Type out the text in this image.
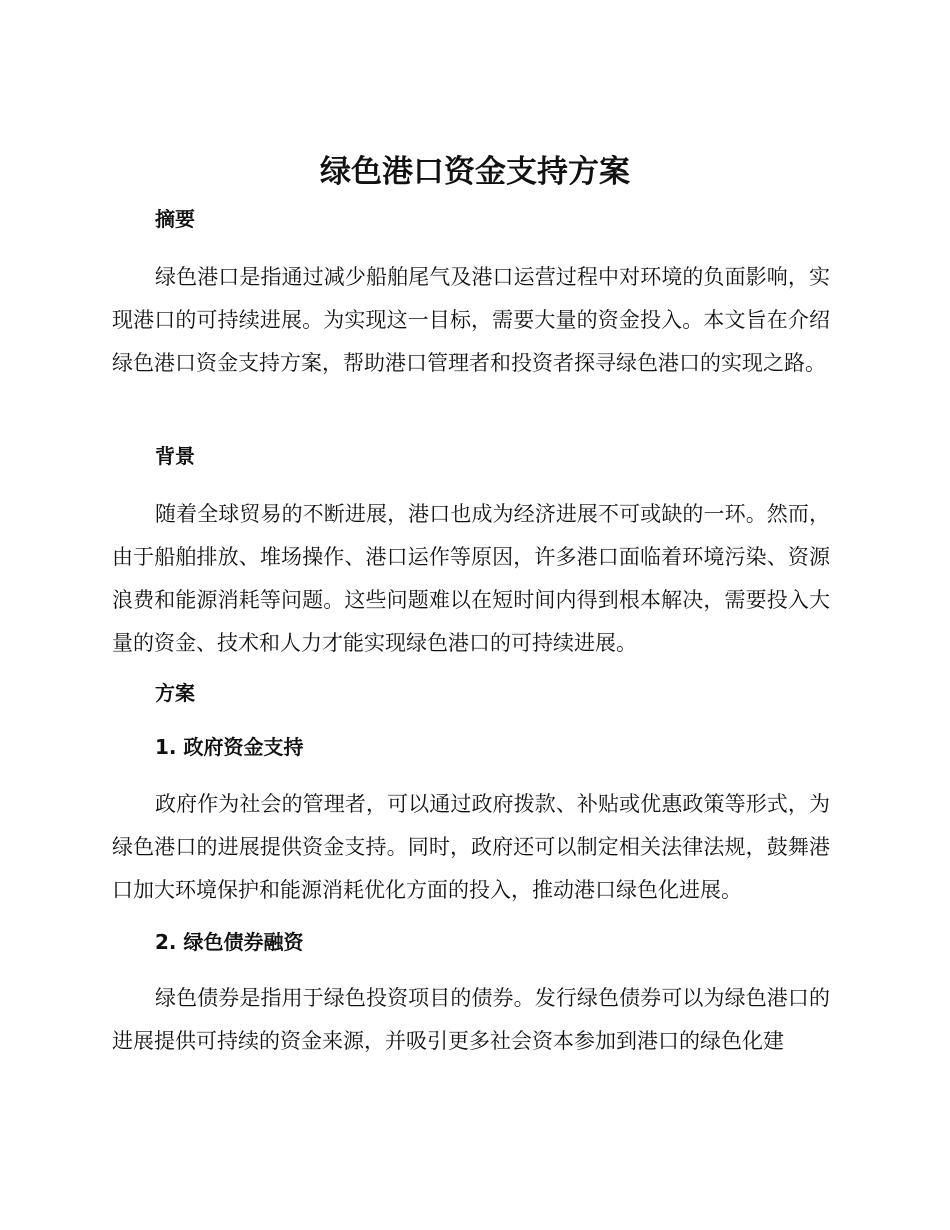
绿色港口资金支持方案
摘要
绿色港口是指通过减少船舶尾气及港口运营过程中对环境的负面影响，实现港口的可持续进展。为实现这一目标，需要大量的资金投入。本文旨在介绍绿色港口资金支持方案，帮助港口管理者和投资者探寻绿色港口的实现之路。
背景
随着全球贸易的不断进展，港口也成为经济进展不可或缺的一环。然而，由于船舶排放、堆场操作、港口运作等原因，许多港口面临着环境污染、资源浪费和能源消耗等问题。这些问题难以在短时间内得到根本解决，需要投入大量的资金、技术和人力才能实现绿色港口的可持续进展。
方案
1. 政府资金支持
政府作为社会的管理者，可以通过政府拨款、补贴或优惠政策等形式，为绿色港口的进展提供资金支持。同时，政府还可以制定相关法律法规，鼓舞港口加大环境保护和能源消耗优化方面的投入，推动港口绿色化进展。
2. 绿色债券融资
绿色债券是指用于绿色投资项目的债券。发行绿色债券可以为绿色港口的进展提供可持续的资金来源，并吸引更多社会资本参加到港口的绿色化建
